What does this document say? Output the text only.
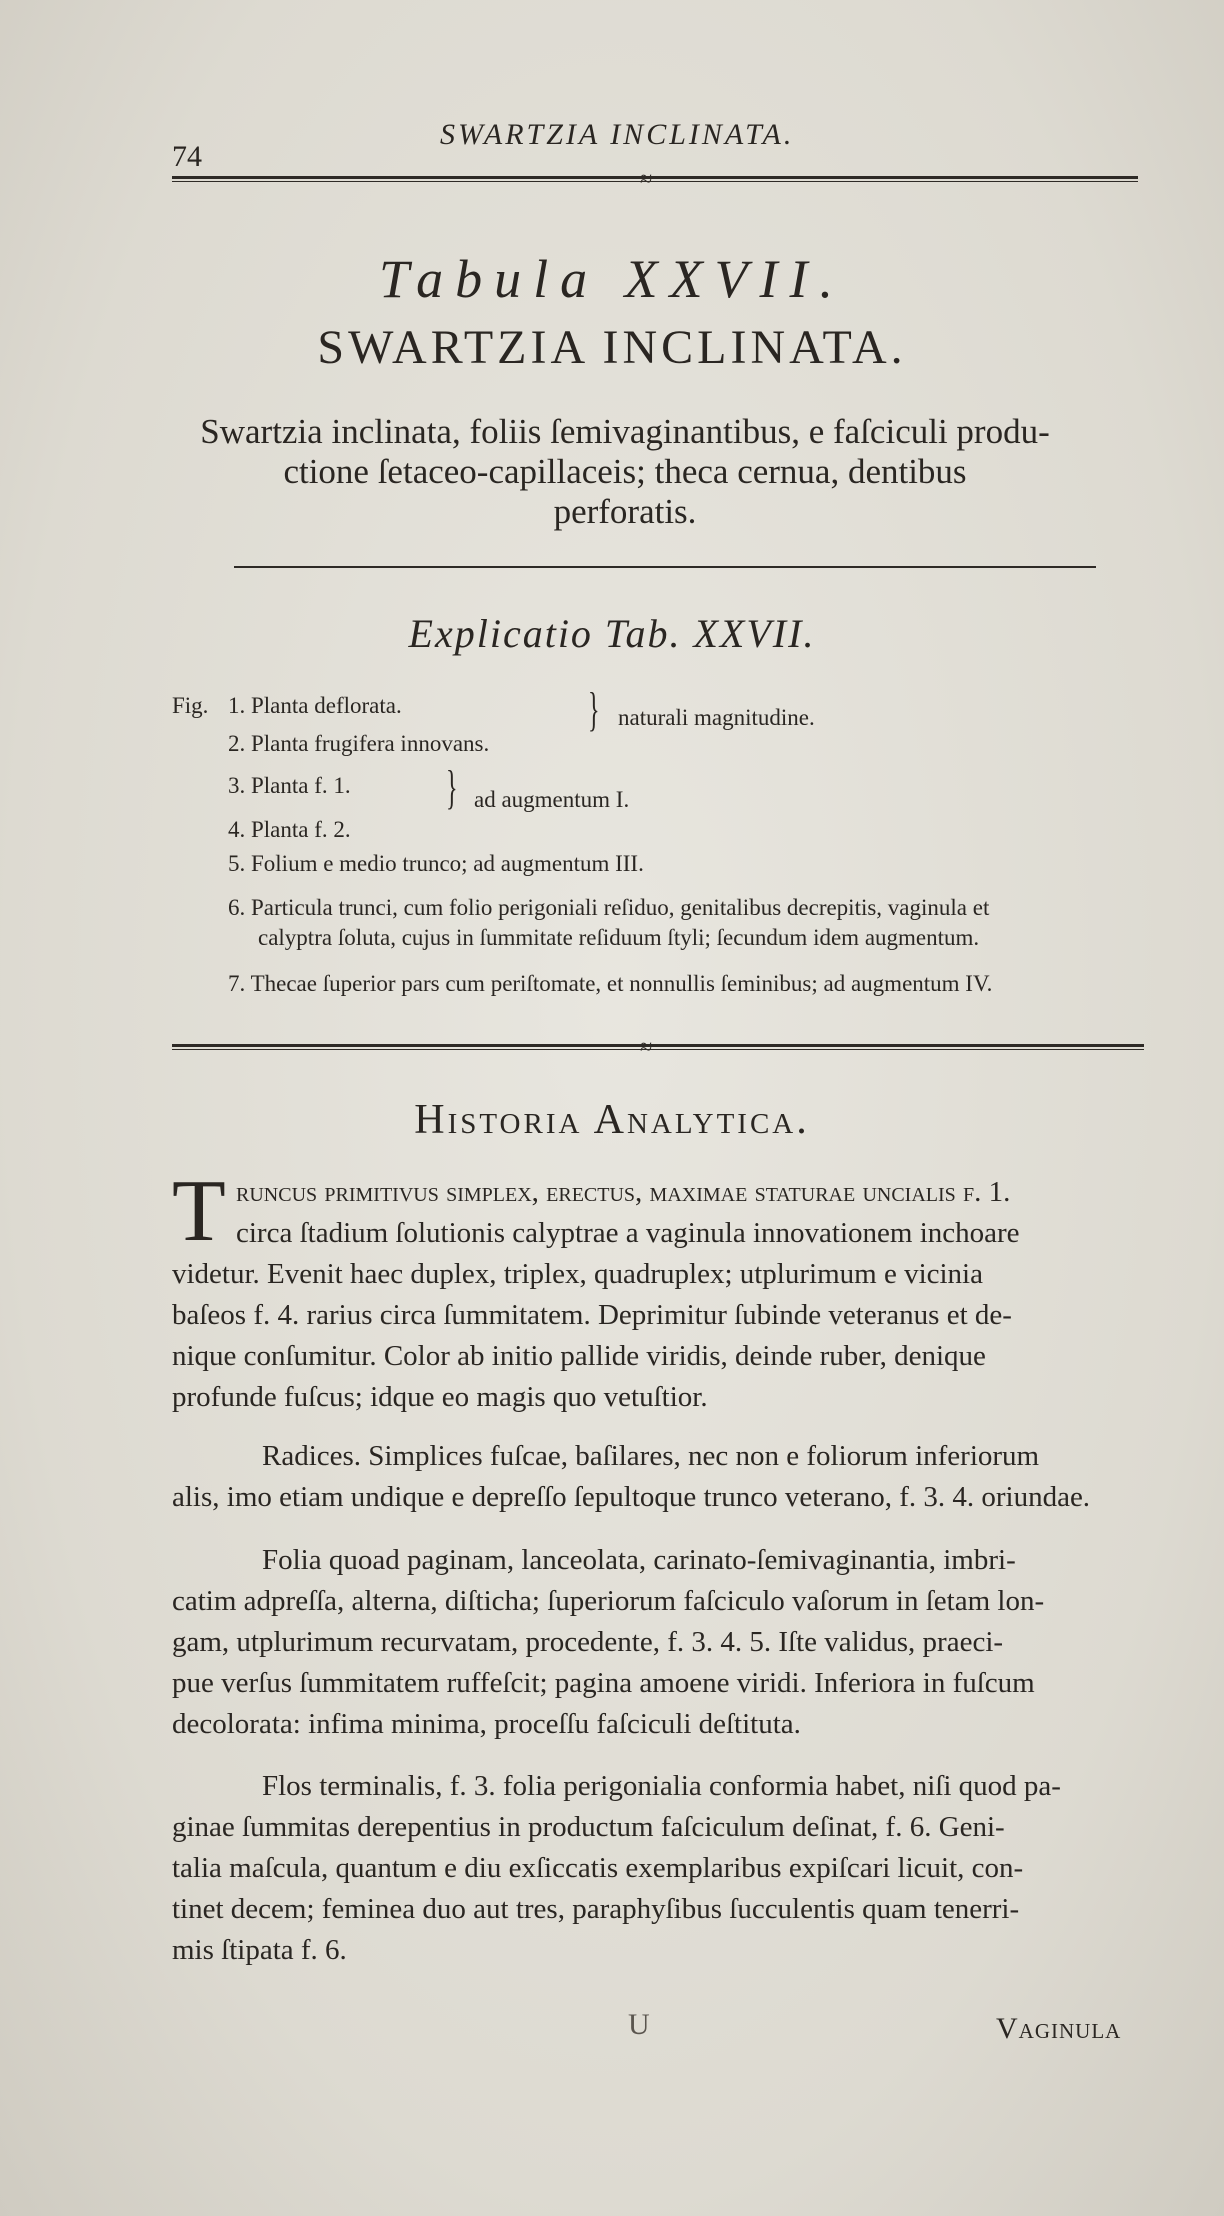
74
SWARTZIA INCLINATA.
≈
Tabula XXVII.
SWARTZIA INCLINATA.
Swartzia inclinata, foliis ſemivaginantibus, e faſciculi produ-
ctione ſetaceo-capillaceis; theca cernua, dentibus
perforatis.
Explicatio Tab. XXVII.
Fig. 1. Planta deflorata.
2. Planta frugifera innovans.
} naturali magnitudine.
3. Planta f. 1.
4. Planta f. 2.
} ad augmentum I.
5. Folium e medio trunco; ad augmentum III.
6. Particula trunci, cum folio perigoniali reſiduo, genitalibus decrepitis, vaginula et
calyptra ſoluta, cujus in ſummitate reſiduum ſtyli; ſecundum idem augmentum.
7. Thecae ſuperior pars cum periſtomate, et nonnullis ſeminibus; ad augmentum IV.
≈
Historia Analytica.
T runcus primitivus ſimplex, erectus, maximae ſtaturae uncialis f. 1.
circa ſtadium ſolutionis calyptrae a vaginula innovationem inchoare
videtur. Evenit haec duplex, triplex, quadruplex; utplurimum e vicinia
baſeos f. 4. rarius circa ſummitatem. Deprimitur ſubinde veteranus et de-
nique conſumitur. Color ab initio pallide viridis, deinde ruber, denique
profunde fuſcus; idque eo magis quo vetuſtior.
Radices. Simplices fuſcae, baſilares, nec non e foliorum inferiorum
alis, imo etiam undique e depreſſo ſepultoque trunco veterano, f. 3. 4. oriundae.
Folia quoad paginam, lanceolata, carinato-ſemivaginantia, imbri-
catim adpreſſa, alterna, diſticha; ſuperiorum faſciculo vaſorum in ſetam lon-
gam, utplurimum recurvatam, procedente, f. 3. 4. 5. Iſte validus, praeci-
pue verſus ſummitatem ruffeſcit; pagina amoene viridi. Inferiora in fuſcum
decolorata: infima minima, proceſſu faſciculi deſtituta.
Flos terminalis, f. 3. folia perigonialia conformia habet, niſi quod pa-
ginae ſummitas derepentius in productum faſciculum deſinat, f. 6. Geni-
talia maſcula, quantum e diu exſiccatis exemplaribus expiſcari licuit, con-
tinet decem; feminea duo aut tres, paraphyſibus ſucculentis quam tenerri-
mis ſtipata f. 6.
U	Vaginula
